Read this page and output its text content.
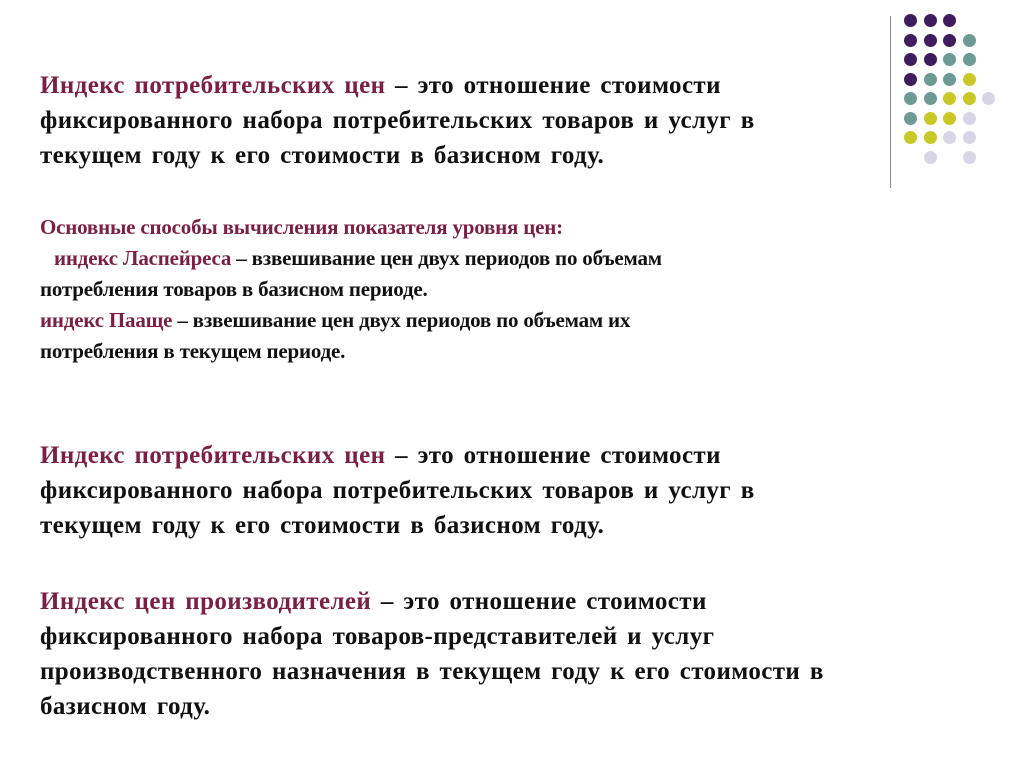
Индекс потребительских цен – это отношение стоимости
фиксированного набора потребительских товаров и услуг в
текущем году к его стоимости в базисном году.
Основные способы вычисления показателя уровня цен:
индекс Ласпейреса – взвешивание цен двух периодов по объемам
потребления товаров в базисном периоде.
индекс Пааще – взвешивание цен двух периодов по объемам их
потребления в текущем периоде.
Индекс потребительских цен – это отношение стоимости
фиксированного набора потребительских товаров и услуг в
текущем году к его стоимости в базисном году.
Индекс цен производителей – это отношение стоимости
фиксированного набора товаров-представителей и услуг
производственного назначения в текущем году к его стоимости в
базисном году.
